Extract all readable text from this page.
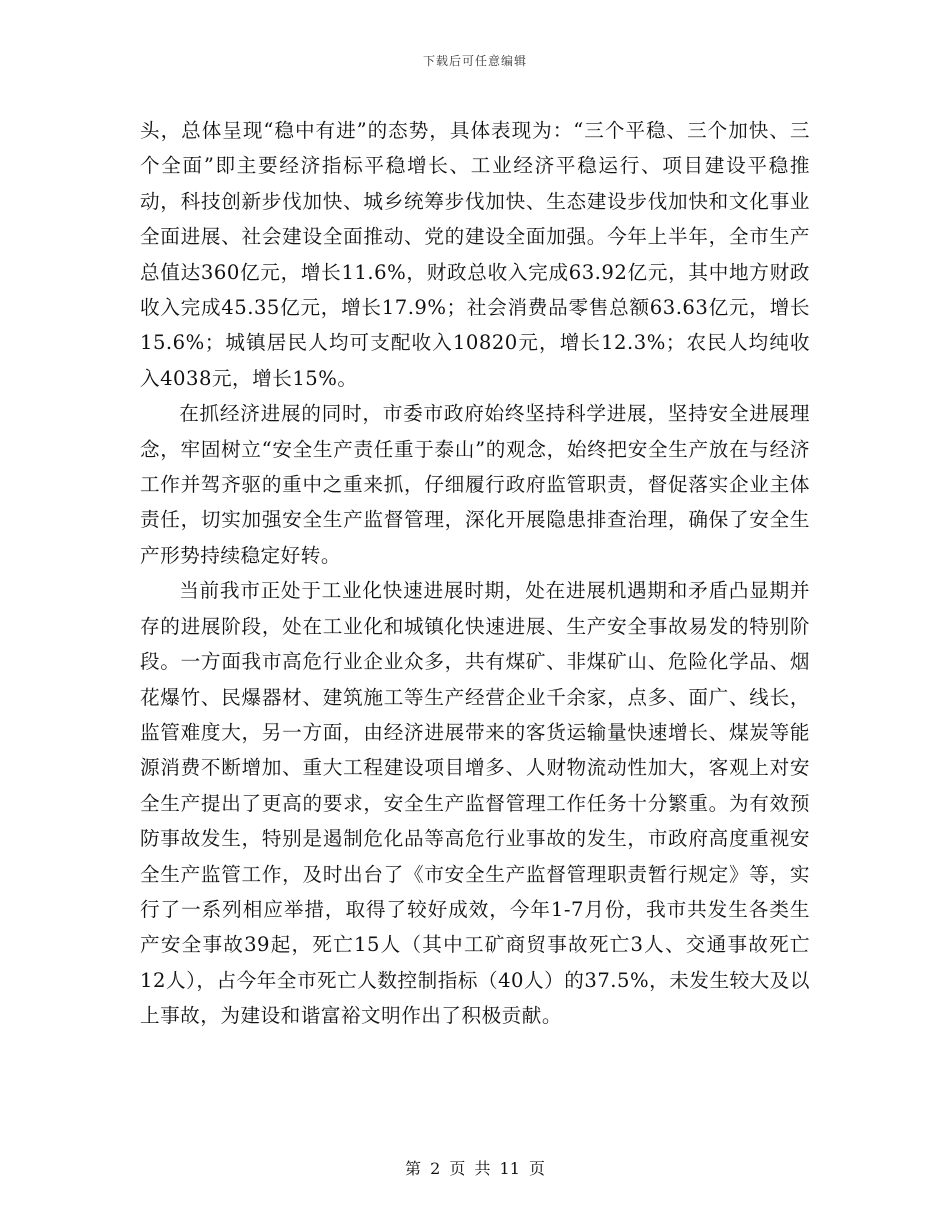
下载后可任意编辑

头，总体呈现“稳中有进”的态势，具体表现为：“三个平稳、三个加快、三个全面”即主要经济指标平稳增长、工业经济平稳运行、项目建设平稳推动，科技创新步伐加快、城乡统筹步伐加快、生态建设步伐加快和文化事业全面进展、社会建设全面推动、党的建设全面加强。今年上半年，全市生产总值达360亿元，增长11.6%，财政总收入完成63.92亿元，其中地方财政收入完成45.35亿元，增长17.9%；社会消费品零售总额63.63亿元，增长15.6%；城镇居民人均可支配收入10820元，增长12.3%；农民人均纯收入4038元，增长15%。

在抓经济进展的同时，市委市政府始终坚持科学进展，坚持安全进展理念，牢固树立“安全生产责任重于泰山”的观念，始终把安全生产放在与经济工作并驾齐驱的重中之重来抓，仔细履行政府监管职责，督促落实企业主体责任，切实加强安全生产监督管理，深化开展隐患排查治理，确保了安全生产形势持续稳定好转。

当前我市正处于工业化快速进展时期，处在进展机遇期和矛盾凸显期并存的进展阶段，处在工业化和城镇化快速进展、生产安全事故易发的特别阶段。一方面我市高危行业企业众多，共有煤矿、非煤矿山、危险化学品、烟花爆竹、民爆器材、建筑施工等生产经营企业千余家，点多、面广、线长，监管难度大，另一方面，由经济进展带来的客货运输量快速增长、煤炭等能源消费不断增加、重大工程建设项目增多、人财物流动性加大，客观上对安全生产提出了更高的要求，安全生产监督管理工作任务十分繁重。为有效预防事故发生，特别是遏制危化品等高危行业事故的发生，市政府高度重视安全生产监管工作，及时出台了《市安全生产监督管理职责暂行规定》等，实行了一系列相应举措，取得了较好成效，今年1-7月份，我市共发生各类生产安全事故39起，死亡15人（其中工矿商贸事故死亡3人、交通事故死亡12人），占今年全市死亡人数控制指标（40人）的37.5%，未发生较大及以上事故，为建设和谐富裕文明作出了积极贡献。

第 2 页 共 11 页
